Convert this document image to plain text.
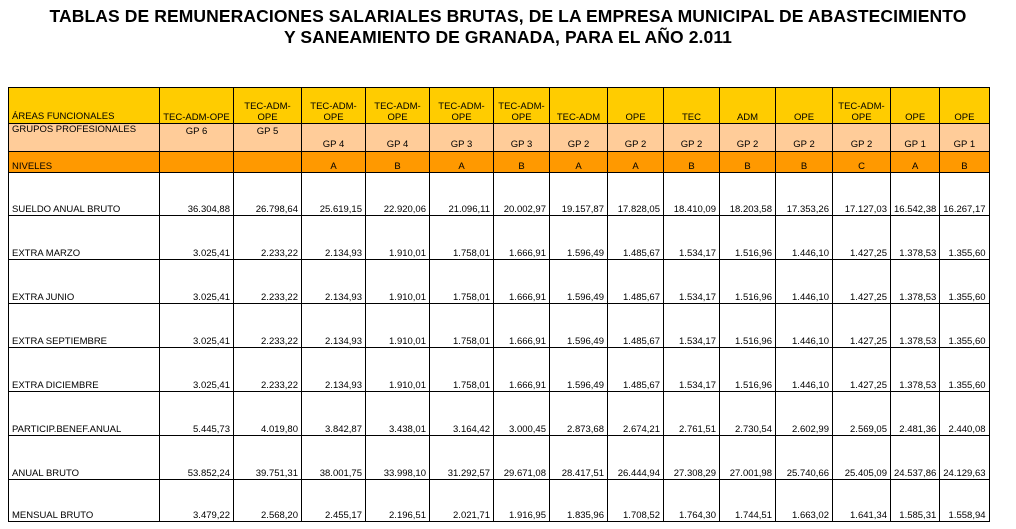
TABLAS DE REMUNERACIONES SALARIALES BRUTAS, DE LA EMPRESA MUNICIPAL DE ABASTECIMIENTO
Y SANEAMIENTO DE GRANADA, PARA EL AÑO 2.011
ÁREAS FUNCIONALES	TEC-ADM-OPE	TEC-ADM-OPE	TEC-ADM-OPE	TEC-ADM-OPE	TEC-ADM-OPE	TEC-ADM-OPE	TEC-ADM	OPE	TEC	ADM	OPE	TEC-ADM-OPE	OPE	OPE
GRUPOS PROFESIONALES	GP 6	GP 5	GP 4	GP 4	GP 3	GP 3	GP 2	GP 2	GP 2	GP 2	GP 2	GP 2	GP 1	GP 1
NIVELES			A	B	A	B	A	A	B	B	B	C	A	B
SUELDO ANUAL BRUTO	36.304,88	26.798,64	25.619,15	22.920,06	21.096,11	20.002,97	19.157,87	17.828,05	18.410,09	18.203,58	17.353,26	17.127,03	16.542,38	16.267,17
EXTRA MARZO	3.025,41	2.233,22	2.134,93	1.910,01	1.758,01	1.666,91	1.596,49	1.485,67	1.534,17	1.516,96	1.446,10	1.427,25	1.378,53	1.355,60
EXTRA JUNIO	3.025,41	2.233,22	2.134,93	1.910,01	1.758,01	1.666,91	1.596,49	1.485,67	1.534,17	1.516,96	1.446,10	1.427,25	1.378,53	1.355,60
EXTRA SEPTIEMBRE	3.025,41	2.233,22	2.134,93	1.910,01	1.758,01	1.666,91	1.596,49	1.485,67	1.534,17	1.516,96	1.446,10	1.427,25	1.378,53	1.355,60
EXTRA DICIEMBRE	3.025,41	2.233,22	2.134,93	1.910,01	1.758,01	1.666,91	1.596,49	1.485,67	1.534,17	1.516,96	1.446,10	1.427,25	1.378,53	1.355,60
PARTICIP.BENEF.ANUAL	5.445,73	4.019,80	3.842,87	3.438,01	3.164,42	3.000,45	2.873,68	2.674,21	2.761,51	2.730,54	2.602,99	2.569,05	2.481,36	2.440,08
ANUAL BRUTO	53.852,24	39.751,31	38.001,75	33.998,10	31.292,57	29.671,08	28.417,51	26.444,94	27.308,29	27.001,98	25.740,66	25.405,09	24.537,86	24.129,63
MENSUAL BRUTO	3.479,22	2.568,20	2.455,17	2.196,51	2.021,71	1.916,95	1.835,96	1.708,52	1.764,30	1.744,51	1.663,02	1.641,34	1.585,31	1.558,94
